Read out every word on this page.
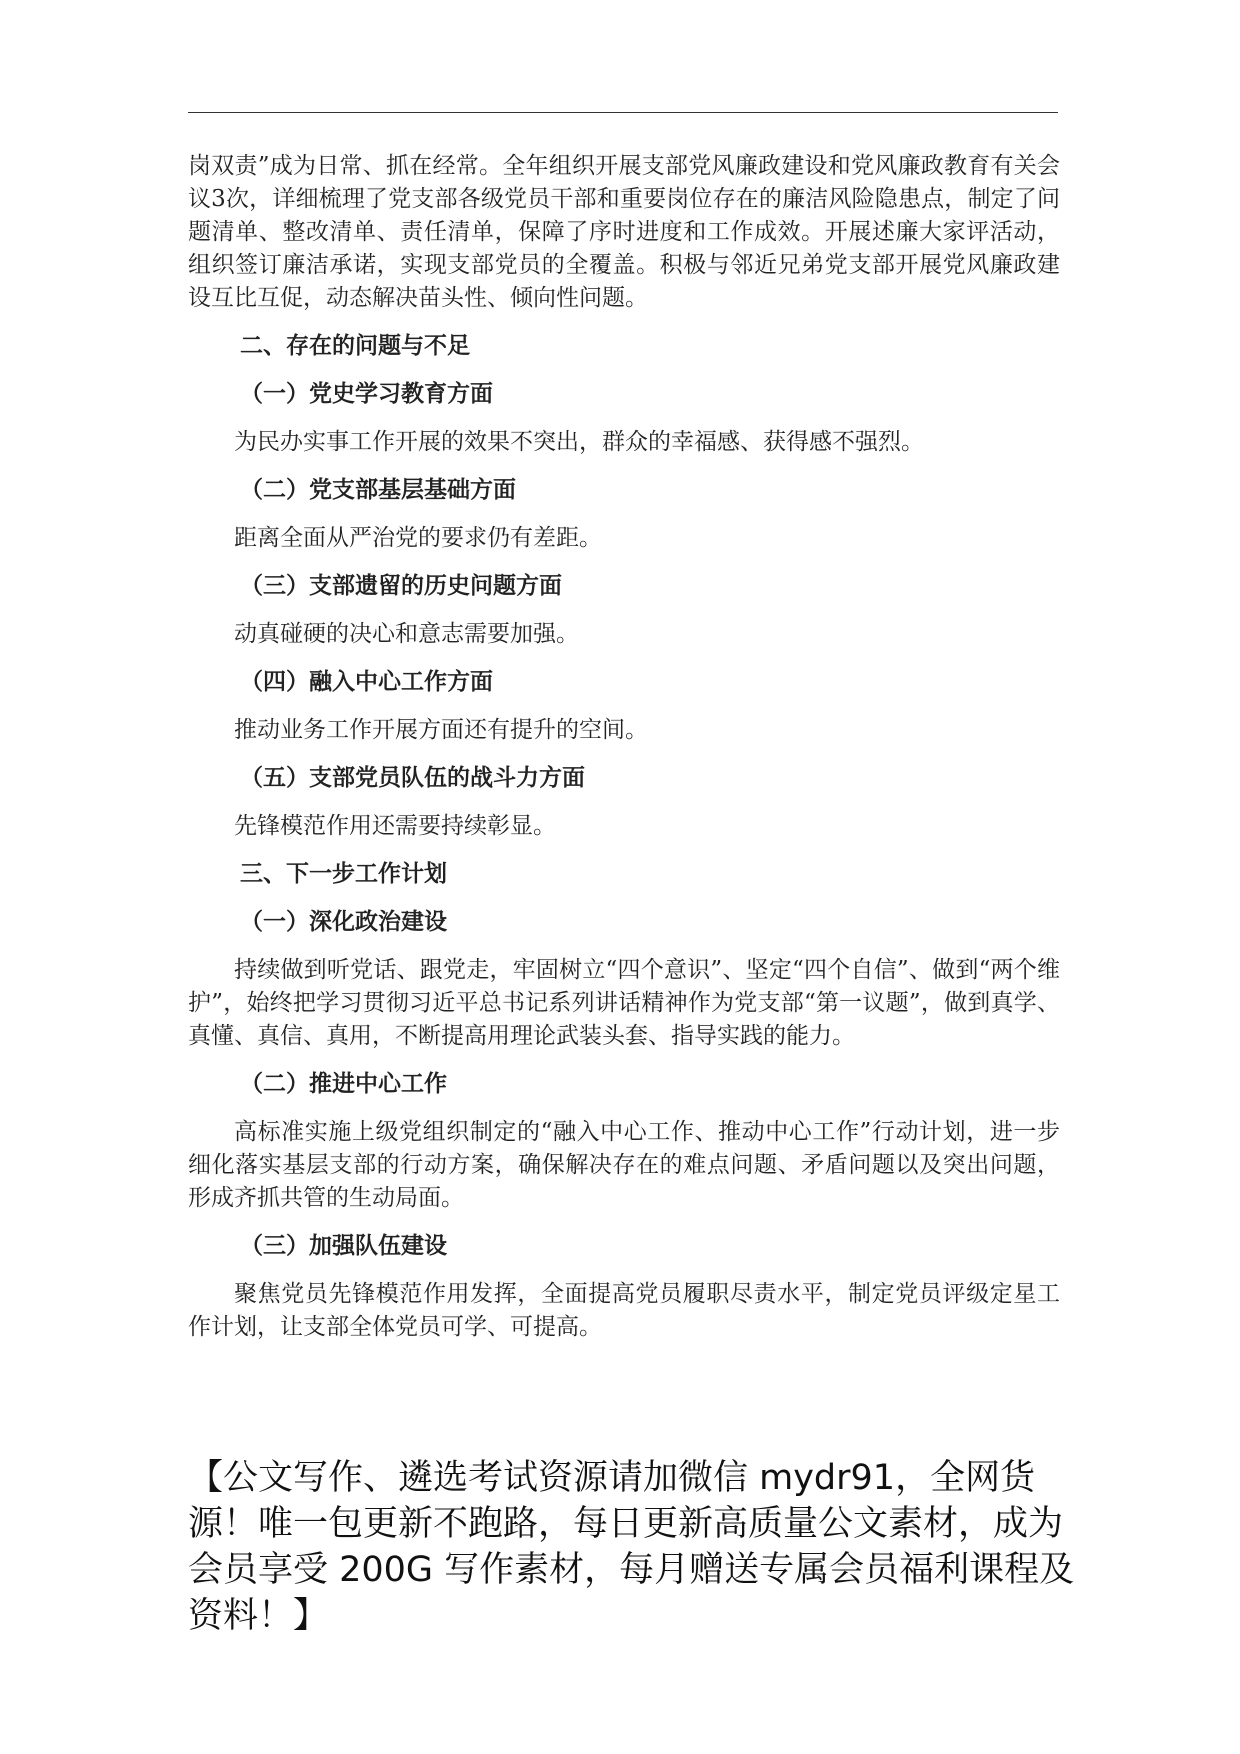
岗双责”成为日常、抓在经常。全年组织开展支部党风廉政建设和党风廉政教育有关会议3次，详细梳理了党支部各级党员干部和重要岗位存在的廉洁风险隐患点，制定了问题清单、整改清单、责任清单，保障了序时进度和工作成效。开展述廉大家评活动，组织签订廉洁承诺，实现支部党员的全覆盖。积极与邻近兄弟党支部开展党风廉政建设互比互促，动态解决苗头性、倾向性问题。

二、存在的问题与不足

（一）党史学习教育方面

为民办实事工作开展的效果不突出，群众的幸福感、获得感不强烈。

（二）党支部基层基础方面

距离全面从严治党的要求仍有差距。

（三）支部遗留的历史问题方面

动真碰硬的决心和意志需要加强。

（四）融入中心工作方面

推动业务工作开展方面还有提升的空间。

（五）支部党员队伍的战斗力方面

先锋模范作用还需要持续彰显。

三、下一步工作计划

（一）深化政治建设

持续做到听党话、跟党走，牢固树立“四个意识”、坚定“四个自信”、做到“两个维护”，始终把学习贯彻习近平总书记系列讲话精神作为党支部“第一议题”，做到真学、真懂、真信、真用，不断提高用理论武装头套、指导实践的能力。

（二）推进中心工作

高标准实施上级党组织制定的“融入中心工作、推动中心工作”行动计划，进一步细化落实基层支部的行动方案，确保解决存在的难点问题、矛盾问题以及突出问题，形成齐抓共管的生动局面。

（三）加强队伍建设

聚焦党员先锋模范作用发挥，全面提高党员履职尽责水平，制定党员评级定星工作计划，让支部全体党员可学、可提高。

【公文写作、遴选考试资源请加微信 mydr91，全网货源！唯一包更新不跑路，每日更新高质量公文素材，成为会员享受 200G 写作素材，每月赠送专属会员福利课程及资料！】
